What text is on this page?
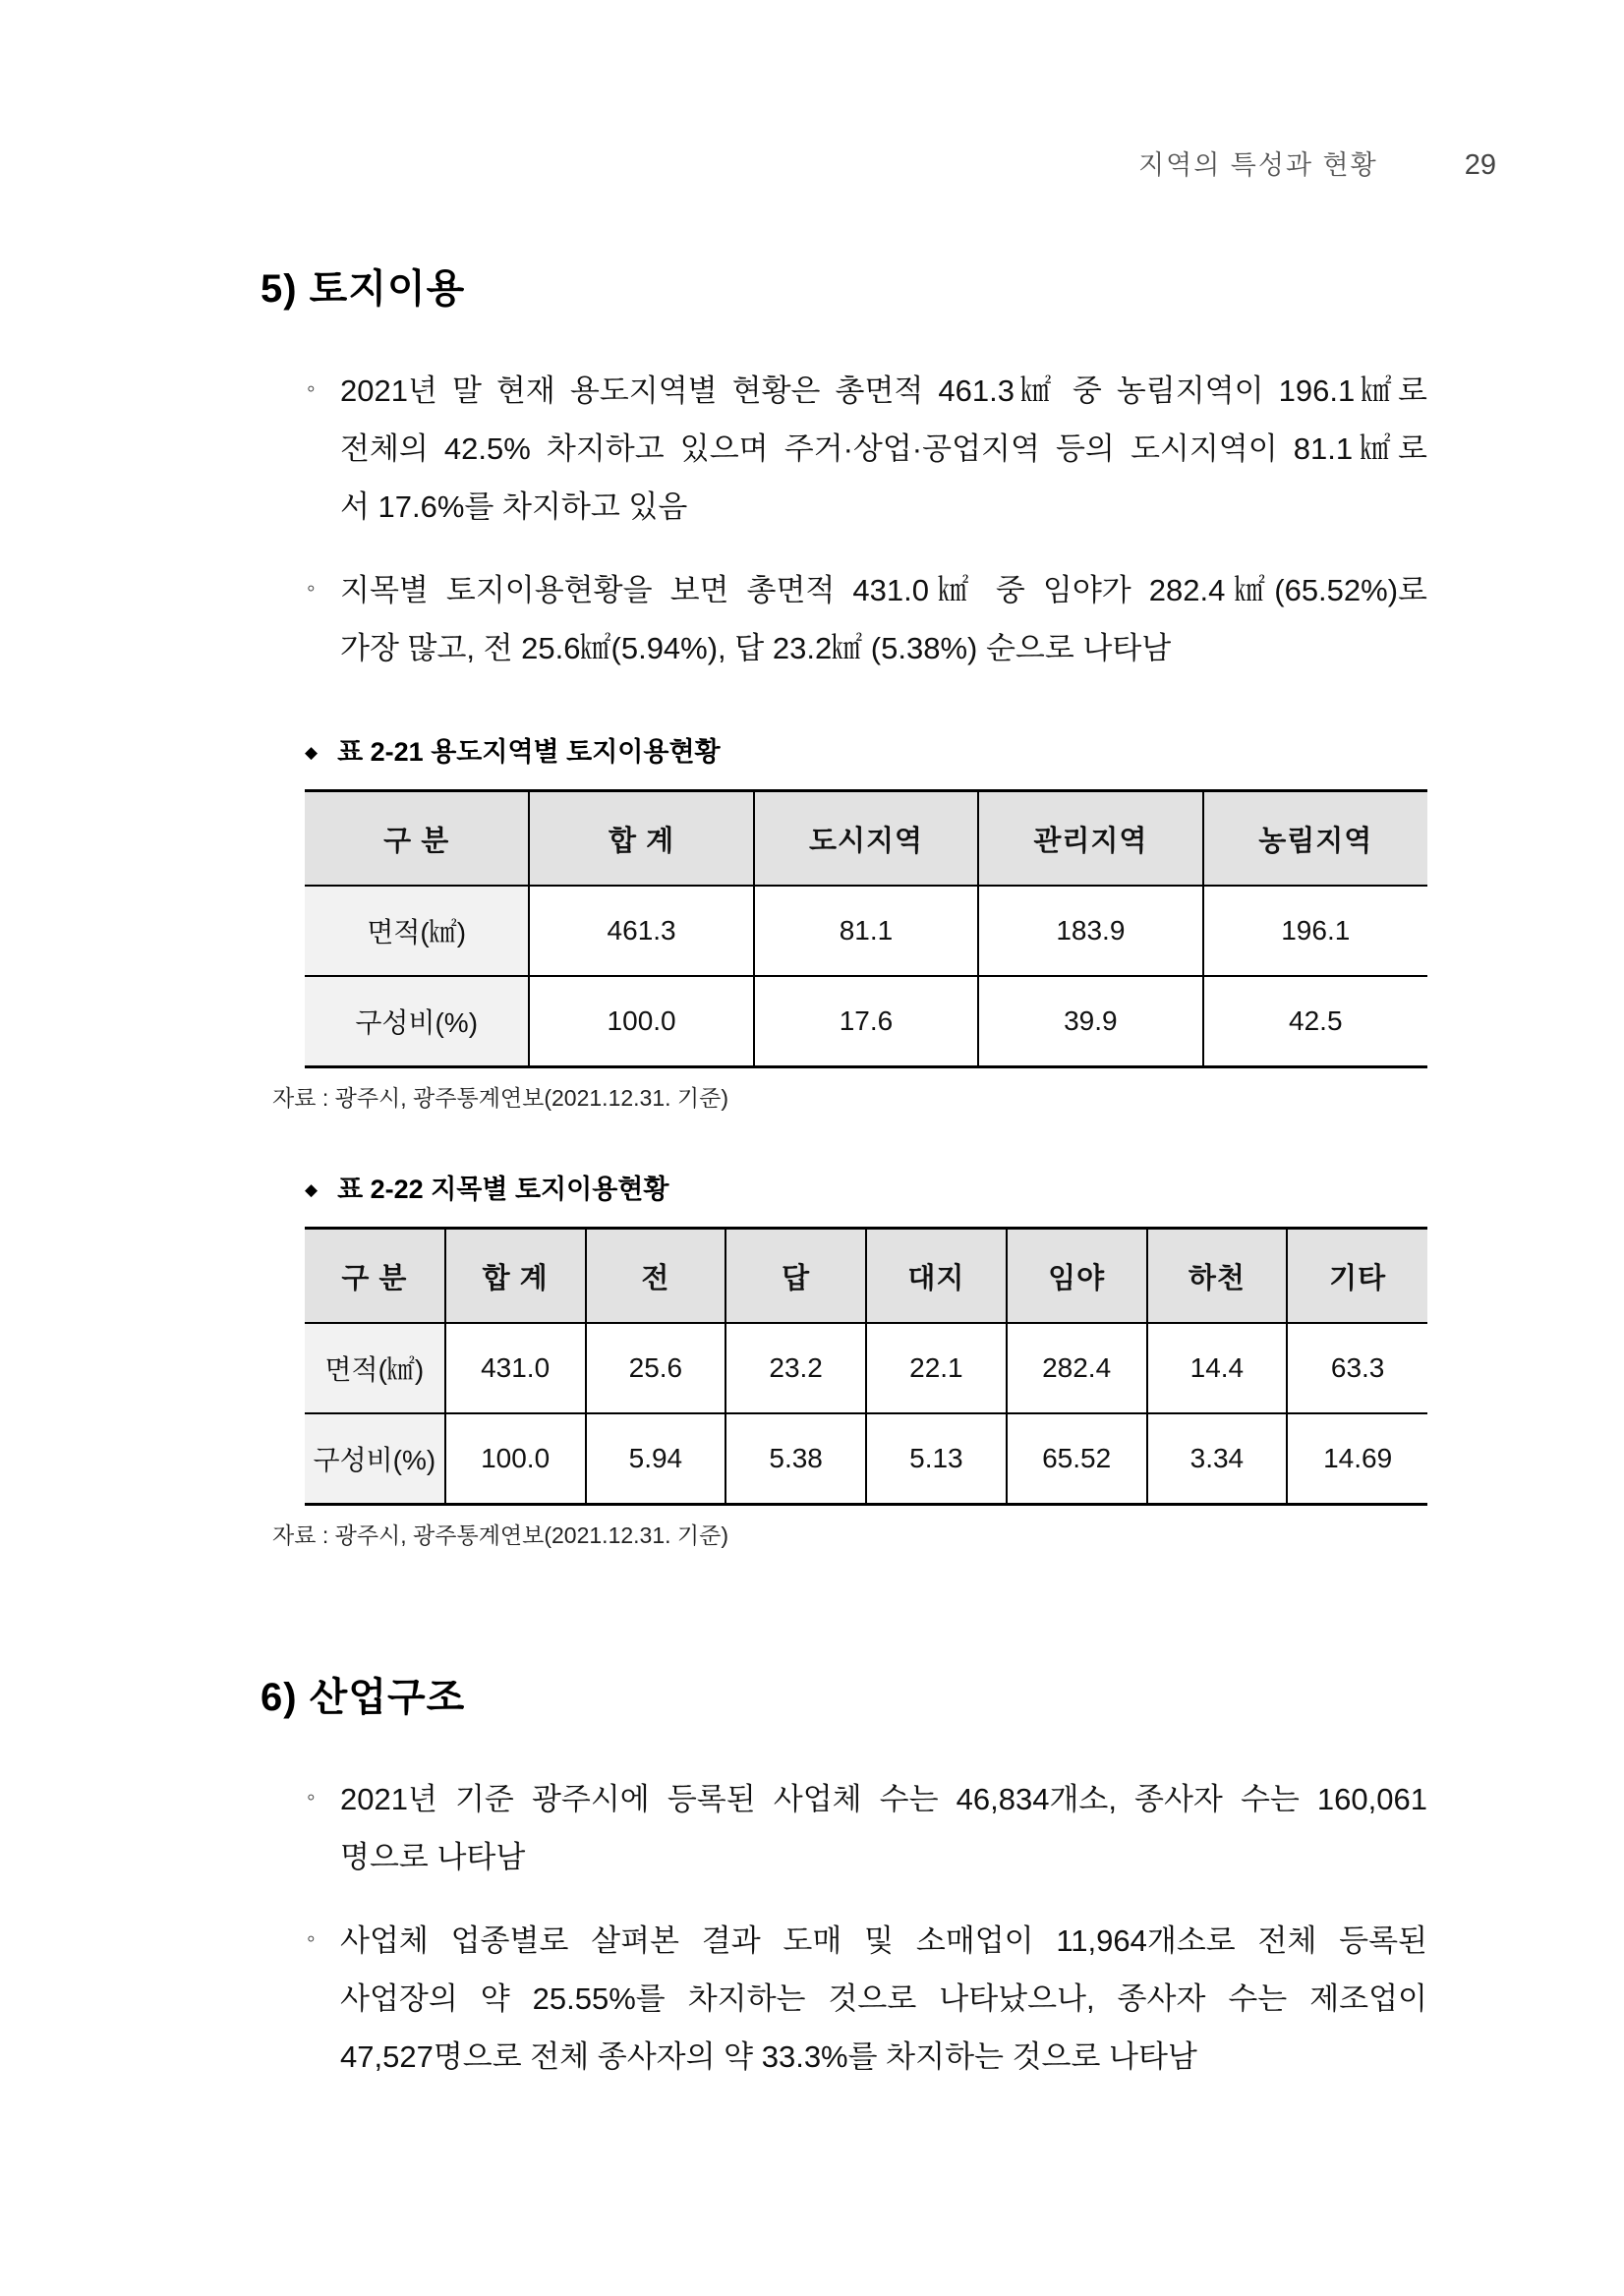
지역의 특성과 현황	29
5) 토지이용
◦ 2021년 말 현재 용도지역별 현황은 총면적 461.3㎢ 중 농림지역이 196.1㎢로
전체의 42.5% 차지하고 있으며 주거·상업·공업지역 등의 도시지역이 81.1㎢로
서 17.6%를 차지하고 있음
◦ 지목별 토지이용현황을 보면 총면적 431.0㎢ 중 임야가 282.4㎢(65.52%)로
가장 많고, 전 25.6㎢(5.94%), 답 23.2㎢ (5.38%) 순으로 나타남
◆ 표 2-21 용도지역별 토지이용현황
구 분	합 계	도시지역	관리지역	농림지역
면적(㎢)	461.3	81.1	183.9	196.1
구성비(%)	100.0	17.6	39.9	42.5
자료 : 광주시, 광주통계연보(2021.12.31. 기준)
◆ 표 2-22 지목별 토지이용현황
구 분	합 계	전	답	대지	임야	하천	기타
면적(㎢)	431.0	25.6	23.2	22.1	282.4	14.4	63.3
구성비(%)	100.0	5.94	5.38	5.13	65.52	3.34	14.69
자료 : 광주시, 광주통계연보(2021.12.31. 기준)
6) 산업구조
◦ 2021년 기준 광주시에 등록된 사업체 수는 46,834개소, 종사자 수는 160,061
명으로 나타남
◦ 사업체 업종별로 살펴본 결과 도매 및 소매업이 11,964개소로 전체 등록된
사업장의 약 25.55%를 차지하는 것으로 나타났으나, 종사자 수는 제조업이
47,527명으로 전체 종사자의 약 33.3%를 차지하는 것으로 나타남
